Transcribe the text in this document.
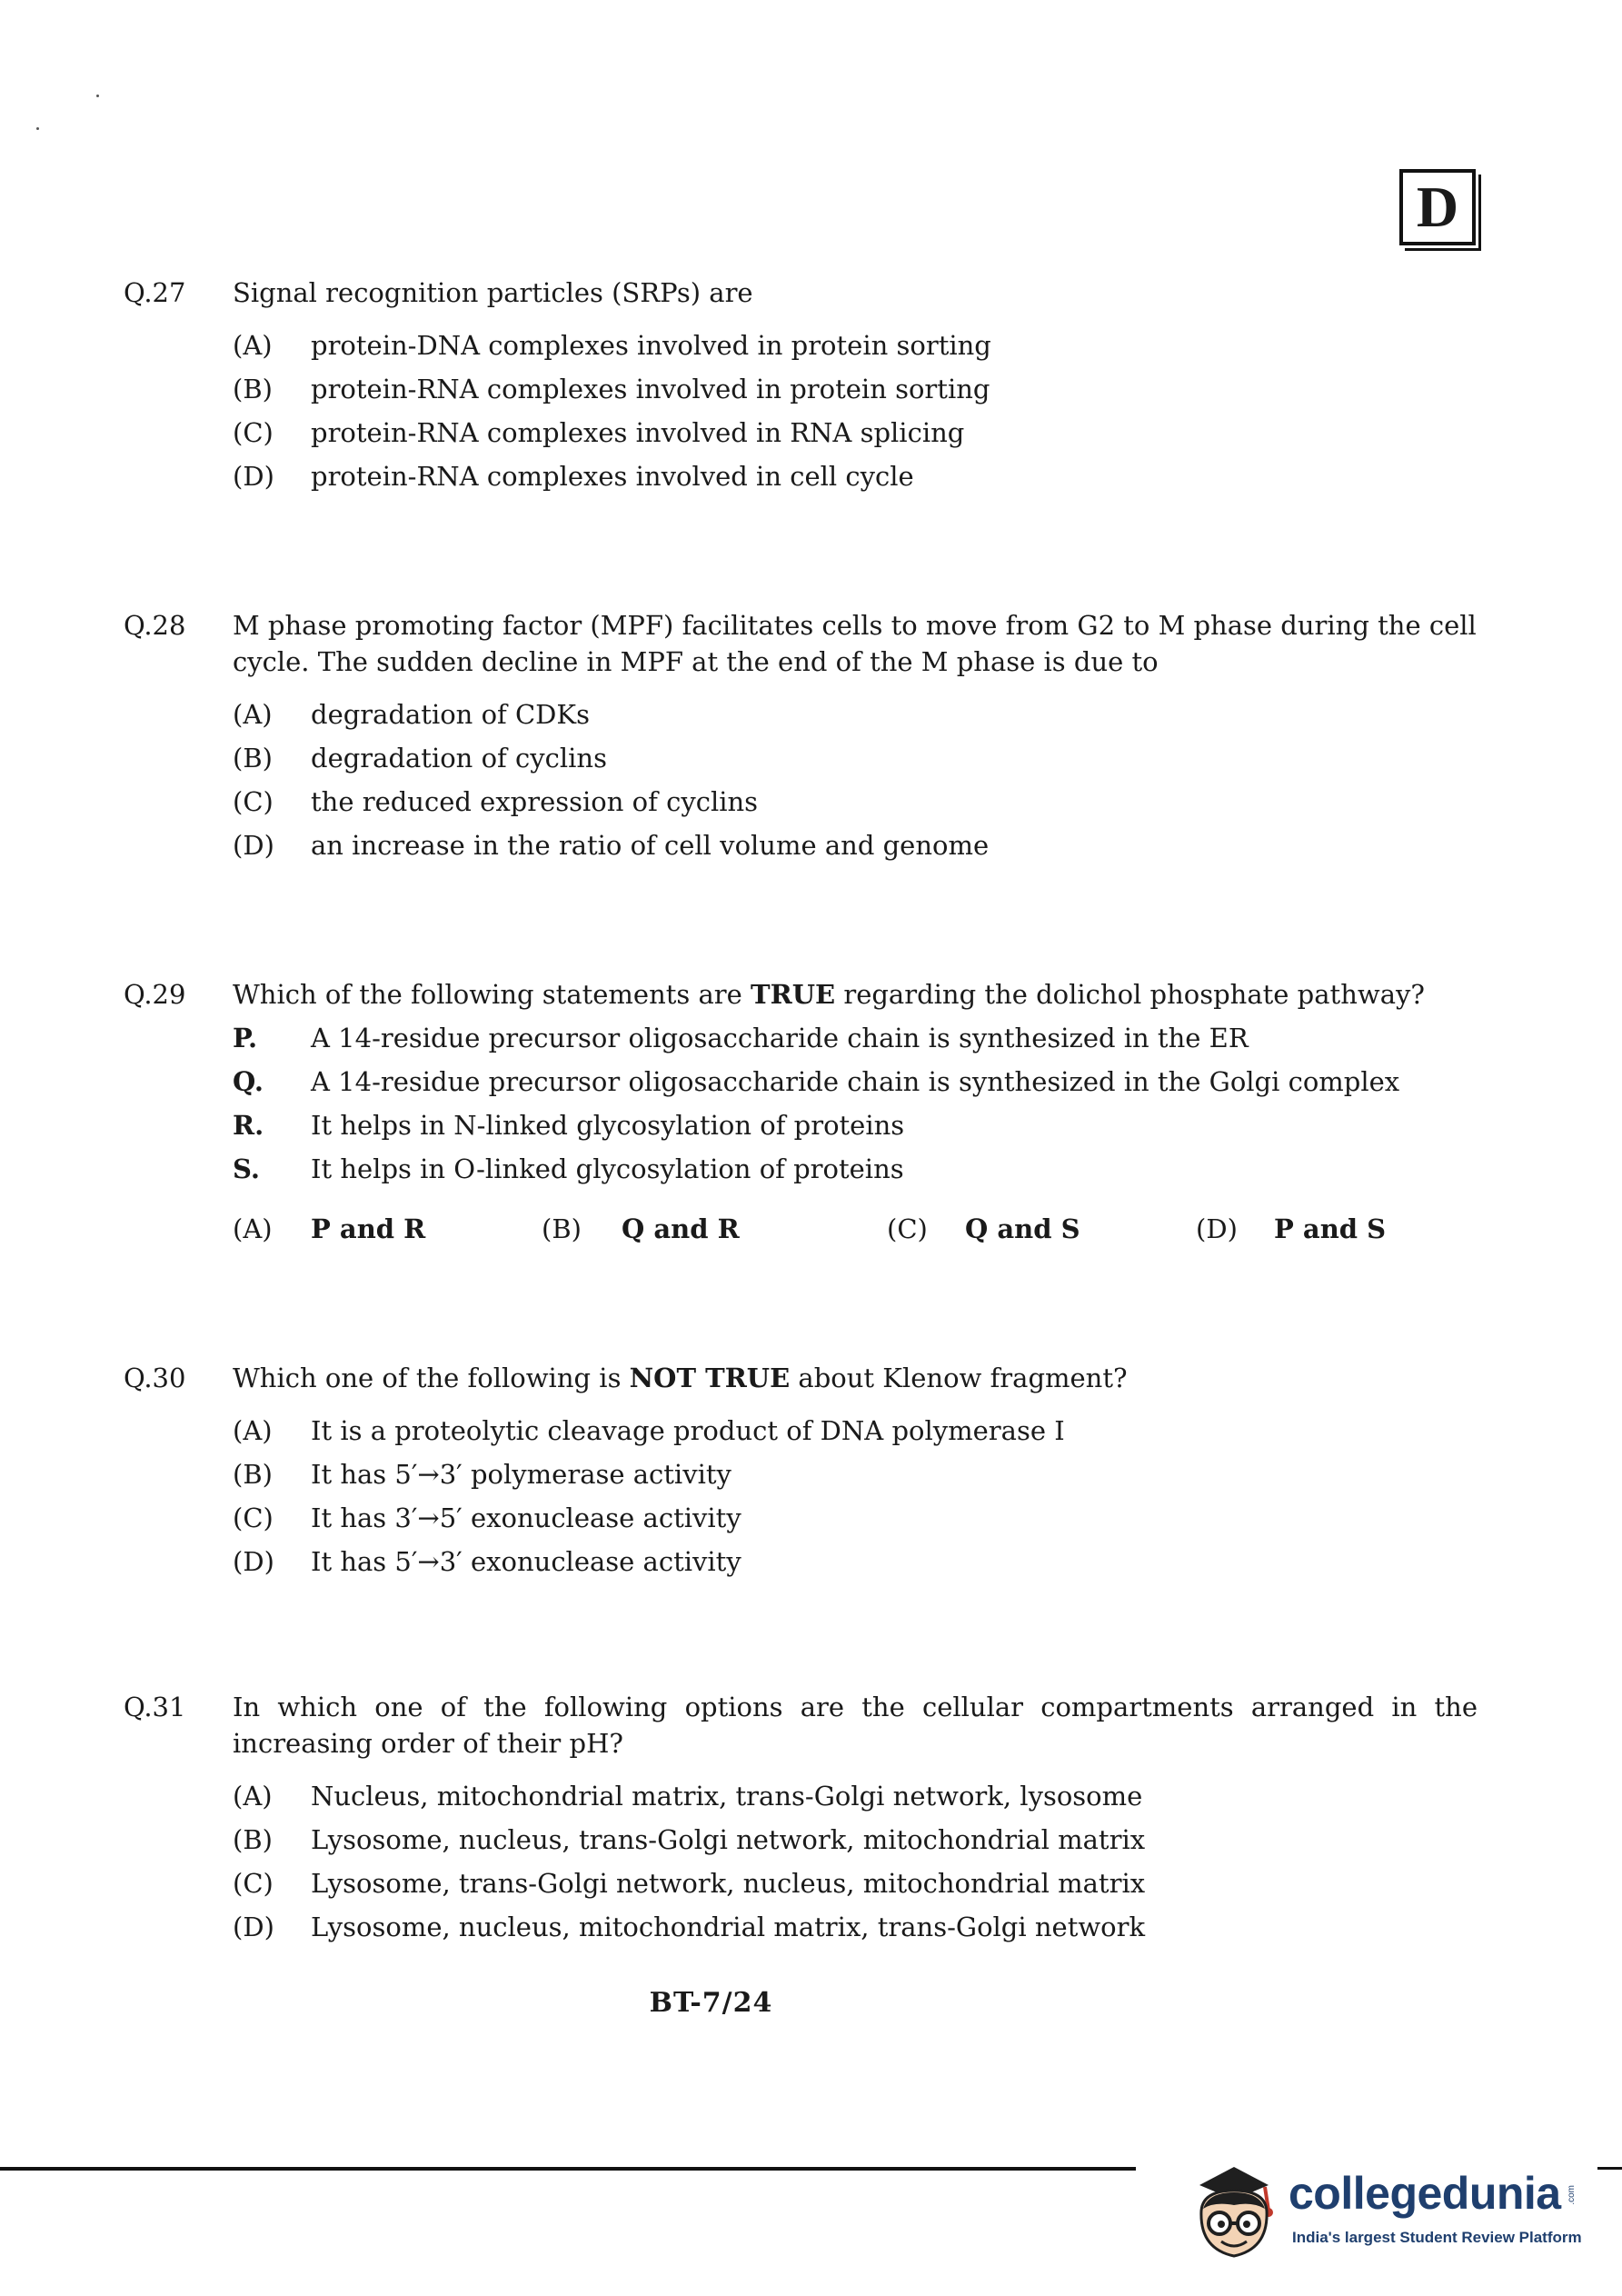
D
Q.27	Signal recognition particles (SRPs) are
(A)	protein-DNA complexes involved in protein sorting
(B)	protein-RNA complexes involved in protein sorting
(C)	protein-RNA complexes involved in RNA splicing
(D)	protein-RNA complexes involved in cell cycle
Q.28	M phase promoting factor (MPF) facilitates cells to move from G2 to M phase during the cell cycle. The sudden decline in MPF at the end of the M phase is due to
(A)	degradation of CDKs
(B)	degradation of cyclins
(C)	the reduced expression of cyclins
(D)	an increase in the ratio of cell volume and genome
Q.29	Which of the following statements are TRUE regarding the dolichol phosphate pathway?
P.	A 14-residue precursor oligosaccharide chain is synthesized in the ER
Q.	A 14-residue precursor oligosaccharide chain is synthesized in the Golgi complex
R.	It helps in N-linked glycosylation of proteins
S.	It helps in O-linked glycosylation of proteins
(A)	P and R	(B)	Q and R	(C)	Q and S	(D)	P and S
Q.30	Which one of the following is NOT TRUE about Klenow fragment?
(A)	It is a proteolytic cleavage product of DNA polymerase I
(B)	It has 5′→3′ polymerase activity
(C)	It has 3′→5′ exonuclease activity
(D)	It has 5′→3′ exonuclease activity
Q.31	In which one of the following options are the cellular compartments arranged in the increasing order of their pH?
(A)	Nucleus, mitochondrial matrix, trans-Golgi network, lysosome
(B)	Lysosome, nucleus, trans-Golgi network, mitochondrial matrix
(C)	Lysosome, trans-Golgi network, nucleus, mitochondrial matrix
(D)	Lysosome, nucleus, mitochondrial matrix, trans-Golgi network
BT-7/24
collegedunia .com
India's largest Student Review Platform
